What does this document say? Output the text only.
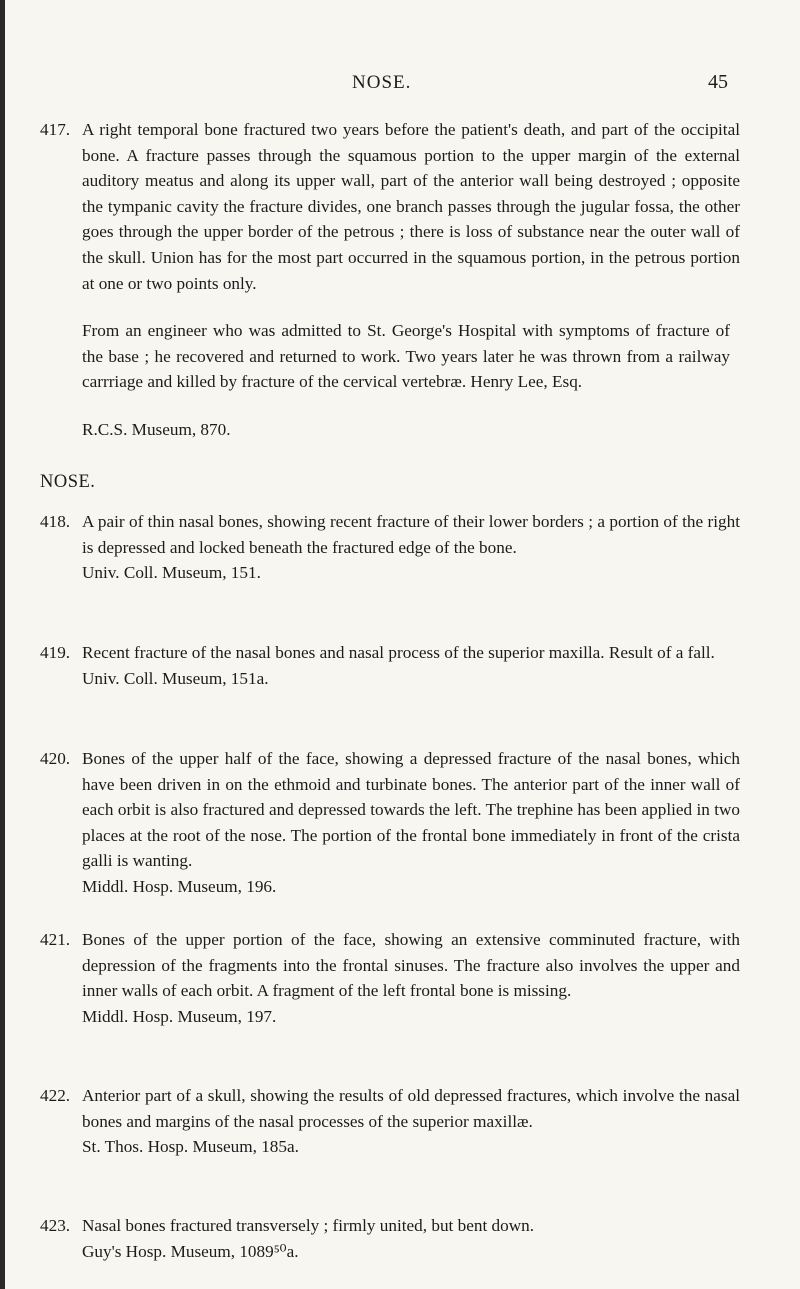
NOSE.	45
417. A right temporal bone fractured two years before the patient's death, and part of the occipital bone. A fracture passes through the squamous portion to the upper margin of the external auditory meatus and along its upper wall, part of the anterior wall being destroyed ; opposite the tympanic cavity the fracture divides, one branch passes through the jugular fossa, the other goes through the upper border of the petrous ; there is loss of substance near the outer wall of the skull. Union has for the most part occurred in the squamous portion, in the petrous portion at one or two points only.

From an engineer who was admitted to St. George's Hospital with symptoms of fracture of the base ; he recovered and returned to work. Two years later he was thrown from a railway carrriage and killed by fracture of the cervical vertebræ. Henry Lee, Esq.
R.C.S. Museum, 870.
NOSE.
418. A pair of thin nasal bones, showing recent fracture of their lower borders ; a portion of the right is depressed and locked beneath the fractured edge of the bone.

Univ. Coll. Museum, 151.
419. Recent fracture of the nasal bones and nasal process of the superior maxilla. Result of a fall.

Univ. Coll. Museum, 151a.
420. Bones of the upper half of the face, showing a depressed fracture of the nasal bones, which have been driven in on the ethmoid and turbinate bones. The anterior part of the inner wall of each orbit is also fractured and depressed towards the left. The trephine has been applied in two places at the root of the nose. The portion of the frontal bone immediately in front of the crista galli is wanting.

Middl. Hosp. Museum, 196.
421. Bones of the upper portion of the face, showing an extensive comminuted fracture, with depression of the fragments into the frontal sinuses. The fracture also involves the upper and inner walls of each orbit. A fragment of the left frontal bone is missing.

Middl. Hosp. Museum, 197.
422. Anterior part of a skull, showing the results of old depressed fractures, which involve the nasal bones and margins of the nasal processes of the superior maxillæ.

St. Thos. Hosp. Museum, 185a.
423. Nasal bones fractured transversely ; firmly united, but bent down.

Guy's Hosp. Museum, 1089⁵⁰a.
